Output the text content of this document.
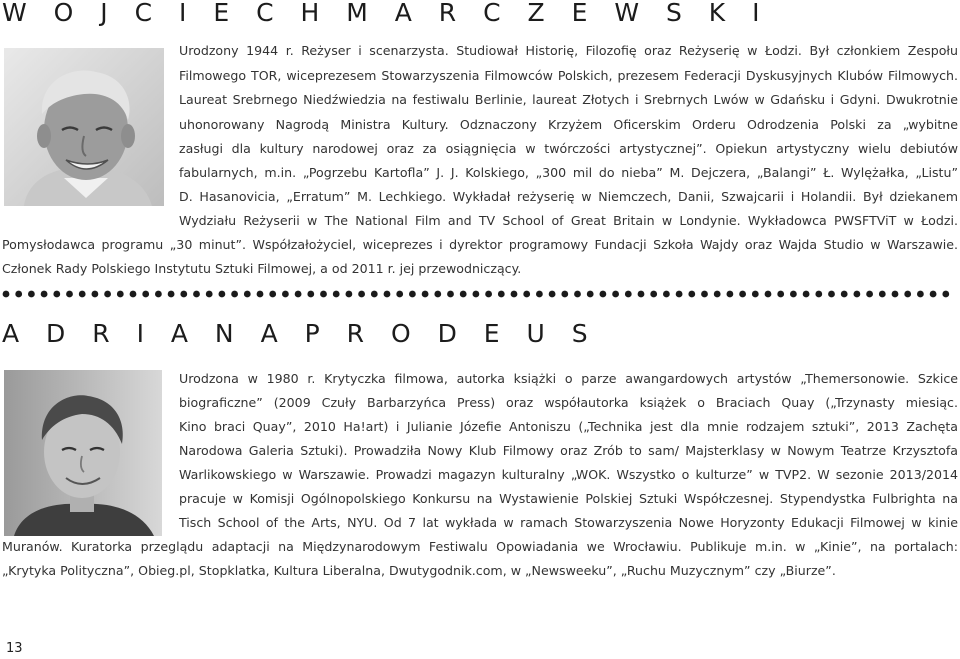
W O J C I E C H M A R C Z E W S K I
Urodzony 1944 r. Reżyser i scenarzysta. Studiował Historię, Filozofię oraz Reżyserię w Łodzi. Był członkiem Zespołu
Filmowego TOR, wiceprezesem Stowarzyszenia Filmowców Polskich, prezesem Federacji Dyskusyjnych Klubów Filmowych.
Laureat Srebrnego Niedźwiedzia na festiwalu Berlinie, laureat Złotych i Srebrnych Lwów w Gdańsku i Gdyni. Dwukrotnie
uhonorowany Nagrodą Ministra Kultury. Odznaczony Krzyżem Oficerskim Orderu Odrodzenia Polski za „wybitne
zasługi dla kultury narodowej oraz za osiągnięcia w twórczości artystycznej”. Opiekun artystyczny wielu debiutów
fabularnych, m.in. „Pogrzebu Kartofla” J. J. Kolskiego, „300 mil do nieba” M. Dejczera, „Balangi” Ł. Wylężałka, „Listu”
D. Hasanovicia, „Erratum” M. Lechkiego. Wykładał reżyserię w Niemczech, Danii, Szwajcarii i Holandii. Był dziekanem
Wydziału Reżyserii w The National Film and TV School of Great Britain w Londynie. Wykładowca PWSFTViT w Łodzi.
Pomysłodawca programu „30 minut”. Współzałożyciel, wiceprezes i dyrektor programowy Fundacji Szkoła Wajdy oraz Wajda Studio w Warszawie.
Członek Rady Polskiego Instytutu Sztuki Filmowej, a od 2011 r. jej przewodniczący.
A D R I A N A P R O D E U S
Urodzona w 1980 r. Krytyczka filmowa, autorka książki o parze awangardowych artystów „Themersonowie. Szkice
biograficzne” (2009 Czuły Barbarzyńca Press) oraz współautorka książek o Braciach Quay („Trzynasty miesiąc.
Kino braci Quay”, 2010 Ha!art) i Julianie Józefie Antoniszu („Technika jest dla mnie rodzajem sztuki”, 2013 Zachęta
Narodowa Galeria Sztuki). Prowadziła Nowy Klub Filmowy oraz Zrób to sam/ Majsterklasy w Nowym Teatrze Krzysztofa
Warlikowskiego w Warszawie. Prowadzi magazyn kulturalny „WOK. Wszystko o kulturze” w TVP2. W sezonie 2013/2014
pracuje w Komisji Ogólnopolskiego Konkursu na Wystawienie Polskiej Sztuki Współczesnej. Stypendystka Fulbrighta na
Tisch School of the Arts, NYU. Od 7 lat wykłada w ramach Stowarzyszenia Nowe Horyzonty Edukacji Filmowej w kinie
Muranów. Kuratorka przeglądu adaptacji na Międzynarodowym Festiwalu Opowiadania we Wrocławiu. Publikuje m.in. w „Kinie”, na portalach:
„Krytyka Polityczna”, Obieg.pl, Stopklatka, Kultura Liberalna, Dwutygodnik.com, w „Newsweeku”, „Ruchu Muzycznym” czy „Biurze”.
13
